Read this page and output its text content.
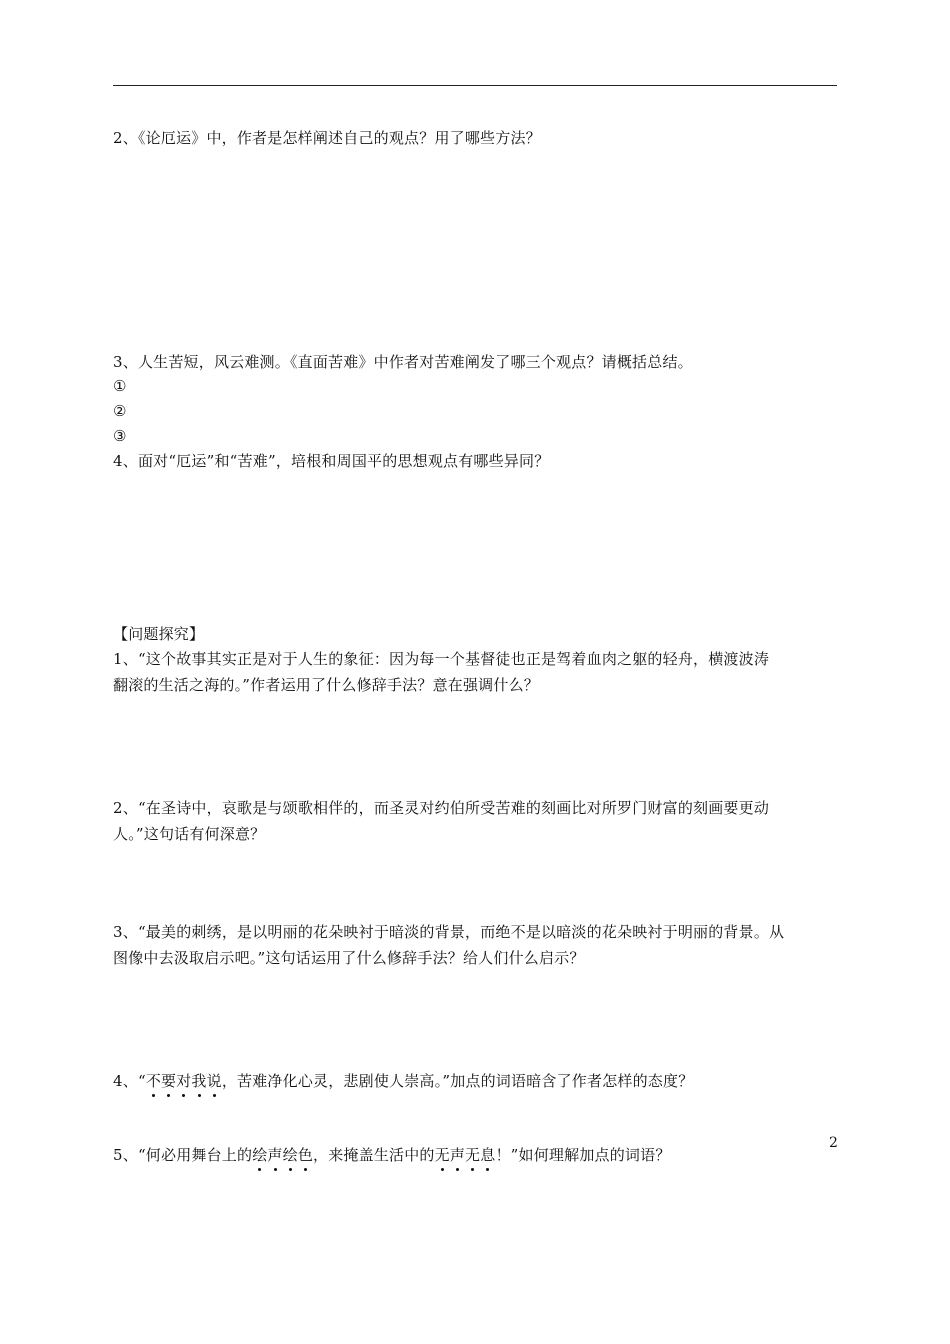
2、《论厄运》中，作者是怎样阐述自己的观点？用了哪些方法？
3、人生苦短，风云难测。《直面苦难》中作者对苦难阐发了哪三个观点？请概括总结。
①
②
③
4、面对“厄运”和“苦难”，培根和周国平的思想观点有哪些异同？
【问题探究】
1、“这个故事其实正是对于人生的象征：因为每一个基督徒也正是驾着血肉之躯的轻舟，横渡波涛
翻滚的生活之海的。”作者运用了什么修辞手法？意在强调什么？
2、“在圣诗中，哀歌是与颂歌相伴的，而圣灵对约伯所受苦难的刻画比对所罗门财富的刻画要更动
人。”这句话有何深意？
3、“最美的刺绣，是以明丽的花朵映衬于暗淡的背景，而绝不是以暗淡的花朵映衬于明丽的背景。从
图像中去汲取启示吧。”这句话运用了什么修辞手法？给人们什么启示？
4、“不要对我说，苦难净化心灵，悲剧使人崇高。”加点的词语暗含了作者怎样的态度？
5、“何必用舞台上的绘声绘色，来掩盖生活中的无声无息！”如何理解加点的词语？
2
